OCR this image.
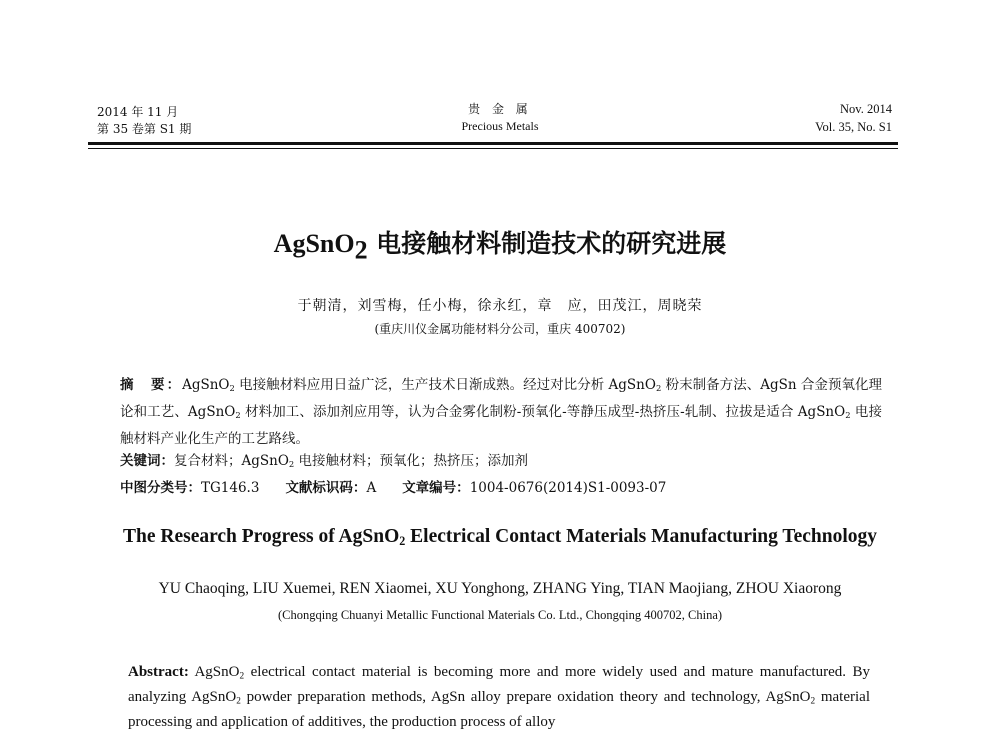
2014 年 11 月
第 35 卷第 S1 期
贵 金 属
Precious Metals
Nov. 2014
Vol. 35, No. S1
AgSnO$_2$ 电接触材料制造技术的研究进展
于朝清，刘雪梅，任小梅，徐永红，章　应，田茂江，周晓荣
(重庆川仪金属功能材料分公司，重庆 400702)
摘　要：AgSnO$_2$ 电接触材料应用日益广泛，生产技术日渐成熟。经过对比分析 AgSnO$_2$ 粉末制备方法、AgSn 合金预氧化理论和工艺、AgSnO$_2$ 材料加工、添加剂应用等，认为合金雾化制粉-预氧化-等静压成型-热挤压-轧制、拉拔是适合 AgSnO$_2$ 电接触材料产业化生产的工艺路线。
关键词：复合材料；AgSnO$_2$ 电接触材料；预氧化；热挤压；添加剂
中图分类号：TG146.3 文献标识码：A 文章编号：1004-0676(2014)S1-0093-07
The Research Progress of AgSnO$_2$ Electrical Contact Materials Manufacturing Technology
YU Chaoqing, LIU Xuemei, REN Xiaomei, XU Yonghong, ZHANG Ying, TIAN Maojiang, ZHOU Xiaorong
(Chongqing Chuanyi Metallic Functional Materials Co. Ltd., Chongqing 400702, China)
Abstract: AgSnO$_2$ electrical contact material is becoming more and more widely used and mature manufactured. By analyzing AgSnO$_2$ powder preparation methods, AgSn alloy prepare oxidation theory and technology, AgSnO$_2$ material processing and application of additives, the production process of alloy
